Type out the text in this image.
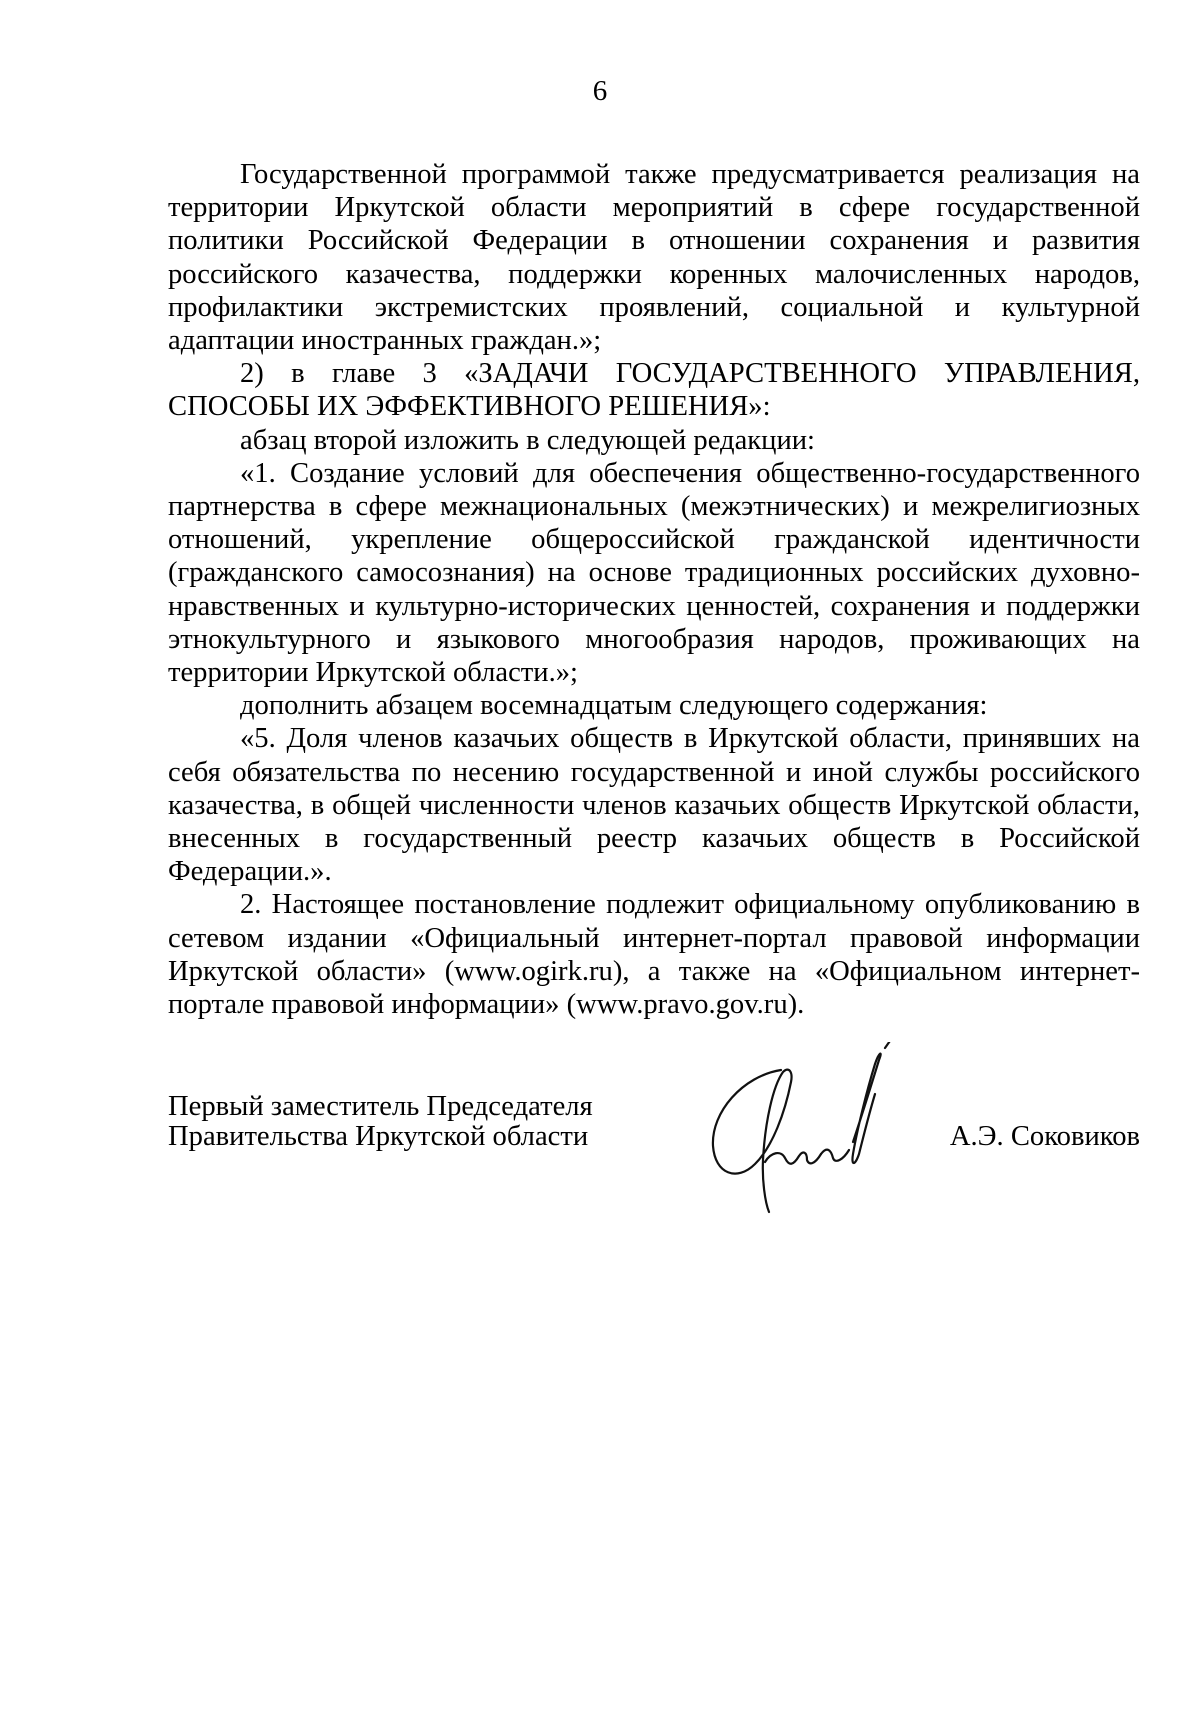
6

Государственной программой также предусматривается реализация на территории Иркутской области мероприятий в сфере государственной политики Российской Федерации в отношении сохранения и развития российского казачества, поддержки коренных малочисленных народов, профилактики экстремистских проявлений, социальной и культурной адаптации иностранных граждан.»;

2) в главе 3 «ЗАДАЧИ ГОСУДАРСТВЕННОГО УПРАВЛЕНИЯ, СПОСОБЫ ИХ ЭФФЕКТИВНОГО РЕШЕНИЯ»:

абзац второй изложить в следующей редакции:

«1. Создание условий для обеспечения общественно-государственного партнерства в сфере межнациональных (межэтнических) и межрелигиозных отношений, укрепление общероссийской гражданской идентичности (гражданского самосознания) на основе традиционных российских духовно-нравственных и культурно-исторических ценностей, сохранения и поддержки этнокультурного и языкового многообразия народов, проживающих на территории Иркутской области.»;

дополнить абзацем восемнадцатым следующего содержания:

«5. Доля членов казачьих обществ в Иркутской области, принявших на себя обязательства по несению государственной и иной службы российского казачества, в общей численности членов казачьих обществ Иркутской области, внесенных в государственный реестр казачьих обществ в Российской Федерации.».

2. Настоящее постановление подлежит официальному опубликованию в сетевом издании «Официальный интернет-портал правовой информации Иркутской области» (www.ogirk.ru), а также на «Официальном интернет-портале правовой информации» (www.pravo.gov.ru).

Первый заместитель Председателя
Правительства Иркутской области	А.Э. Соковиков
